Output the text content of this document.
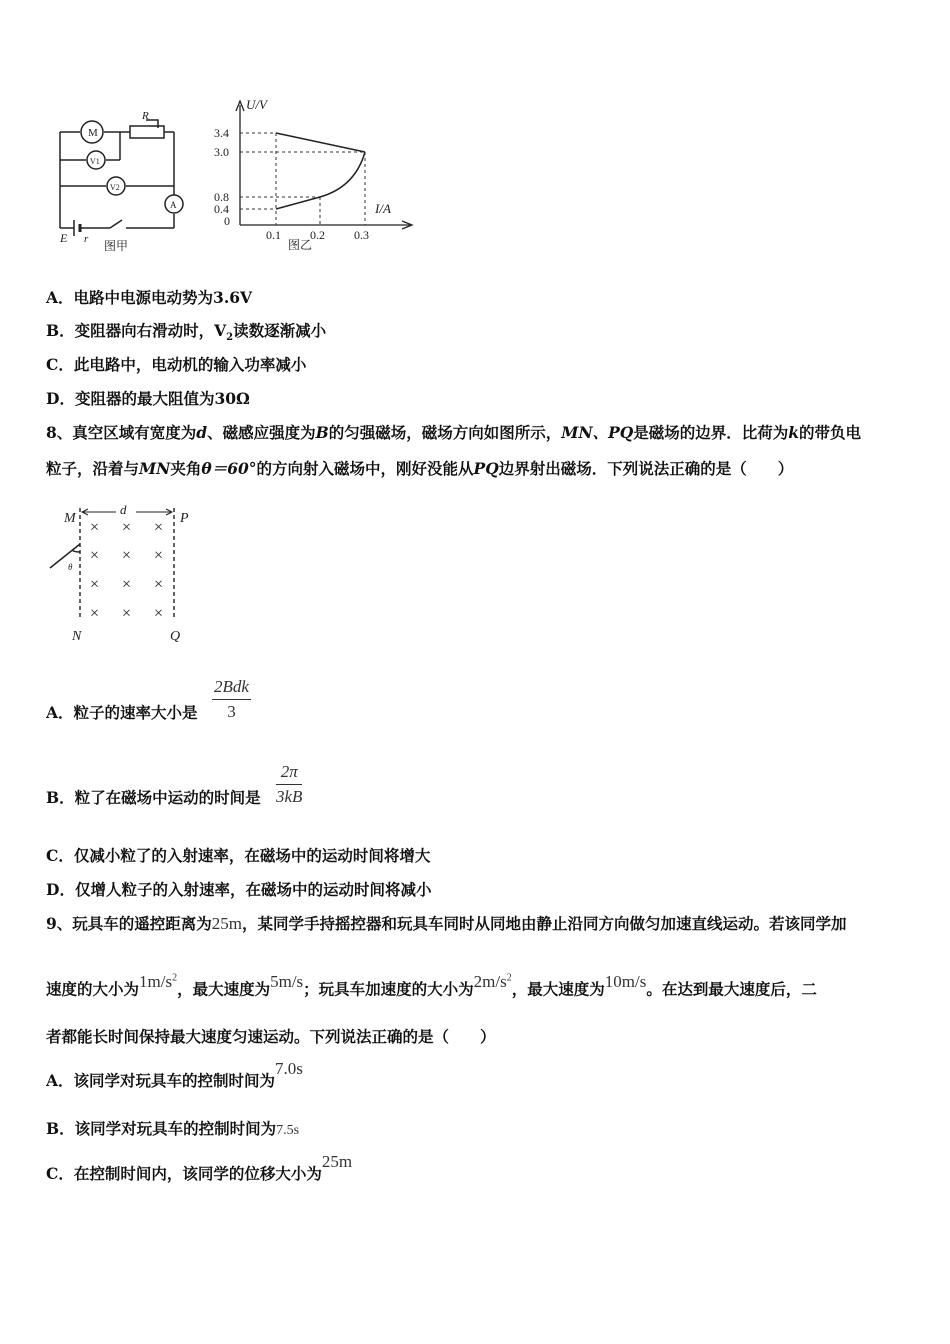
M
R
V1
V2
A
E r 图甲
U/V
I/A
3.4
3.0
0.8
0.4
0
0.1 0.2 0.3
图乙
A．电路中电源电动势为3.6V
B．变阻器向右滑动时，$V_2$读数逐渐减小
C．此电路中，电动机的输入功率减小
D．变阻器的最大阻值为30Ω
8、真空区域有宽度为d、磁感应强度为B的匀强磁场，磁场方向如图所示，MN、PQ是磁场的边界．比荷为k的带负电
粒子，沿着与MN夹角θ＝60°的方向射入磁场中，刚好没能从PQ边界射出磁场．下列说法正确的是（　　）
× × ×
× × ×
× × ×
× × ×
M	P
N	Q
d
θ
A．粒子的速率大小是
2Bdk
3
B．粒了在磁场中运动的时间是
2π
3kB
C．仅减小粒了的入射速率，在磁场中的运动时间将增大
D．仅增人粒子的入射速率，在磁场中的运动时间将减小
9、玩具车的遥控距离为25m，某同学手持摇控器和玩具车同时从同地由静止沿同方向做匀加速直线运动。若该同学加
速度的大小为$1m/s^2$，最大速度为5m/s；玩具车加速度的大小为$2m/s^2$，最大速度为10m/s。在达到最大速度后，二
者都能长时间保持最大速度匀速运动。下列说法正确的是（　　）
A．该同学对玩具车的控制时间为7.0s
B．该同学对玩具车的控制时间为7.5s
C．在控制时间内，该同学的位移大小为25m
